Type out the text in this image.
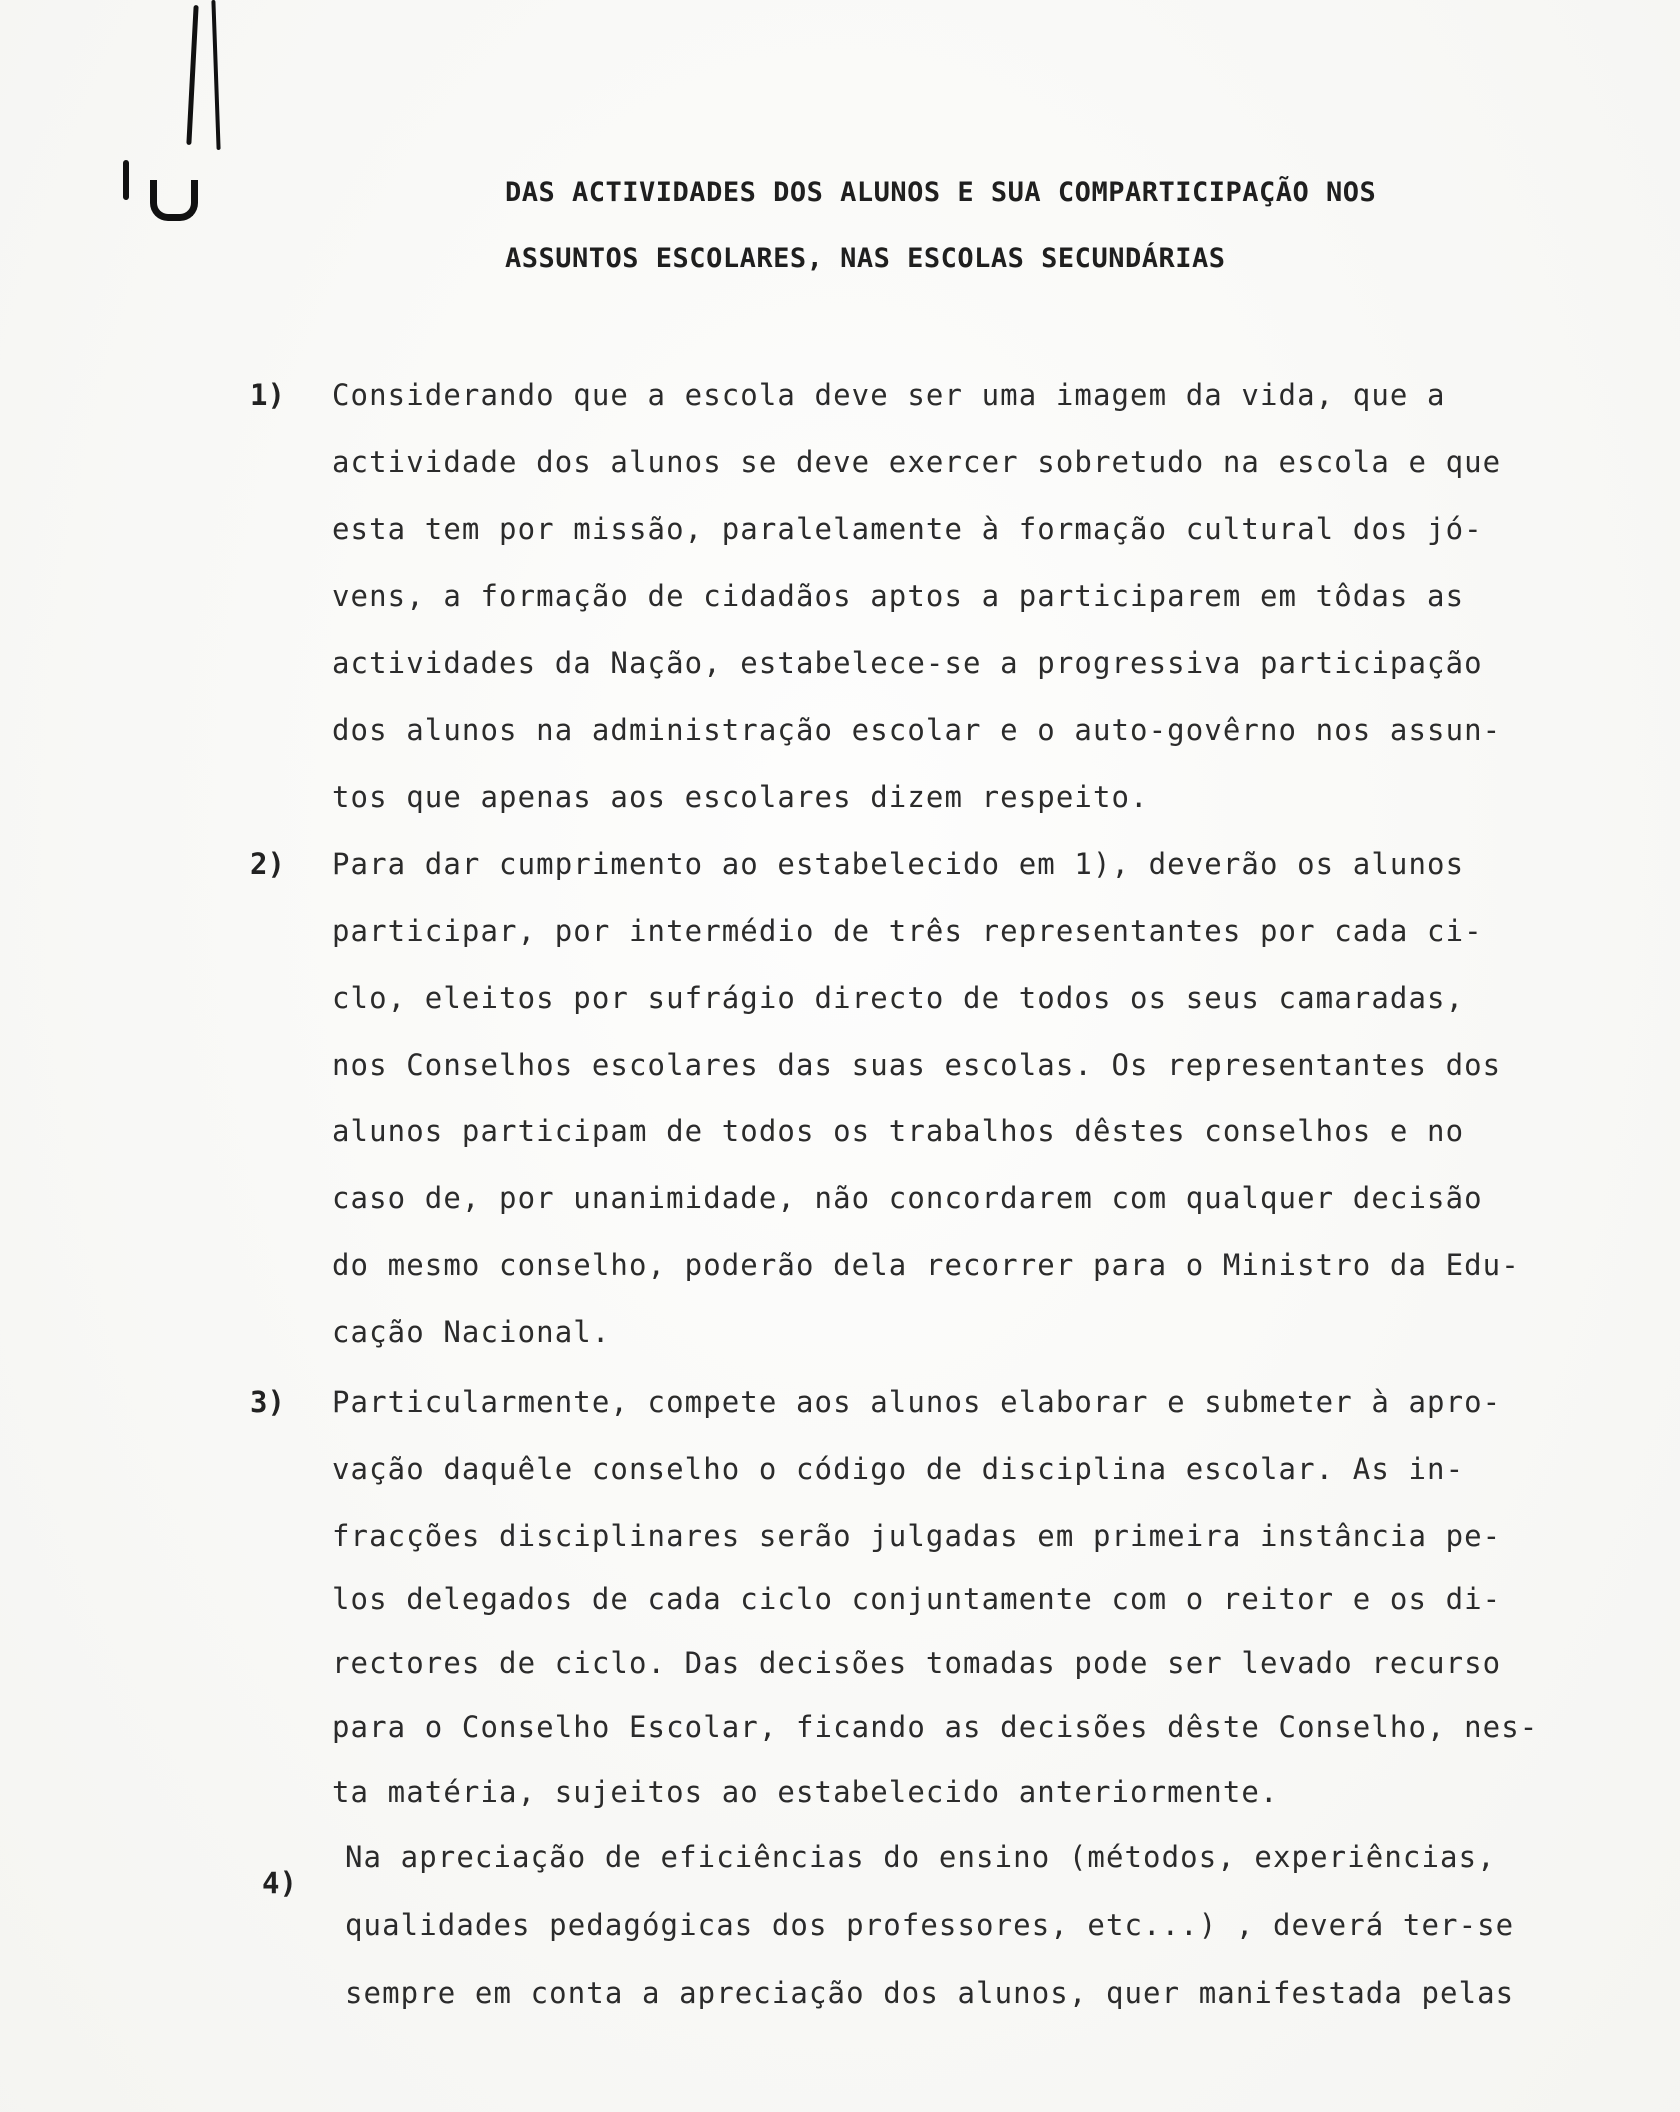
DAS ACTIVIDADES DOS ALUNOS E SUA COMPARTICIPAÇÃO NOS
ASSUNTOS ESCOLARES, NAS ESCOLAS SECUNDÁRIAS
1) Considerando que a escola deve ser uma imagem da vida, que a
actividade dos alunos se deve exercer sobretudo na escola e que
esta tem por missão, paralelamente à formação cultural dos jó-
vens, a formação de cidadãos aptos a participarem em tôdas as
actividades da Nação, estabelece-se a progressiva participação
dos alunos na administração escolar e o auto-govêrno nos assun-
tos que apenas aos escolares dizem respeito.
2) Para dar cumprimento ao estabelecido em 1), deverão os alunos
participar, por intermédio de três representantes por cada ci-
clo, eleitos por sufrágio directo de todos os seus camaradas,
nos Conselhos escolares das suas escolas. Os representantes dos
alunos participam de todos os trabalhos dêstes conselhos e no
caso de, por unanimidade, não concordarem com qualquer decisão
do mesmo conselho, poderão dela recorrer para o Ministro da Edu-
cação Nacional.
3) Particularmente, compete aos alunos elaborar e submeter à apro-
vação daquêle conselho o código de disciplina escolar. As in-
fracções disciplinares serão julgadas em primeira instância pe-
los delegados de cada ciclo conjuntamente com o reitor e os di-
rectores de ciclo. Das decisões tomadas pode ser levado recurso
para o Conselho Escolar, ficando as decisões dêste Conselho, nes-
ta matéria, sujeitos ao estabelecido anteriormente.
4)
Na apreciação de eficiências do ensino (métodos, experiências,
qualidades pedagógicas dos professores, etc...) , deverá ter-se
sempre em conta a apreciação dos alunos, quer manifestada pelas
